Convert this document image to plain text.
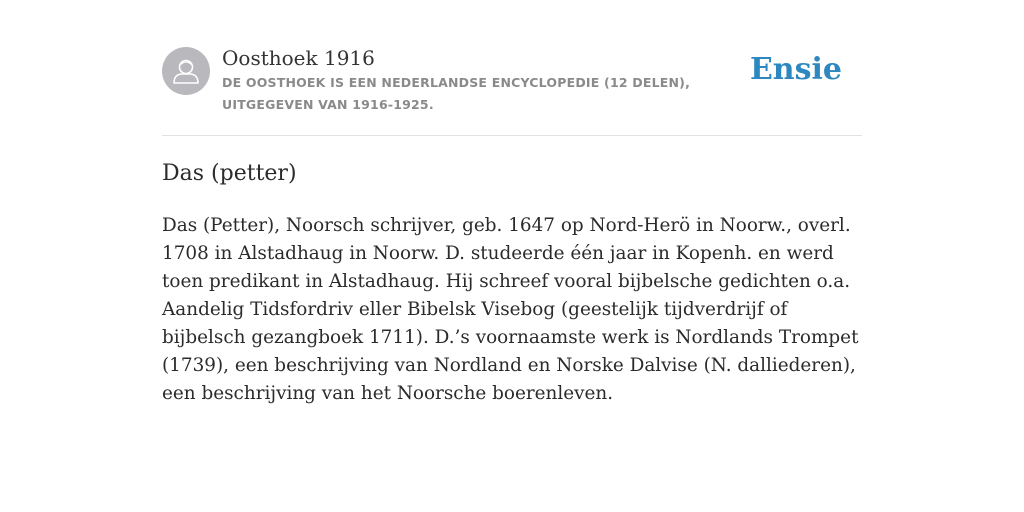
Oosthoek 1916
DE OOSTHOEK IS EEN NEDERLANDSE ENCYCLOPEDIE (12 DELEN), UITGEGEVEN VAN 1916-1925.
Ensie
Das (petter)

Das (Petter), Noorsch schrijver, geb. 1647 op Nord-Herö in Noorw., overl. 1708 in Alstadhaug in Noorw. D. studeerde één jaar in Kopenh. en werd toen predikant in Alstadhaug. Hij schreef vooral bijbelsche gedichten o.a. Aandelig Tidsfordriv eller Bibelsk Visebog (geestelijk tijdverdrijf of bijbelsch gezangboek 1711). D.’s voornaamste werk is Nordlands Trompet (1739), een beschrijving van Nordland en Norske Dalvise (N. dalliederen), een beschrijving van het Noorsche boerenleven.
